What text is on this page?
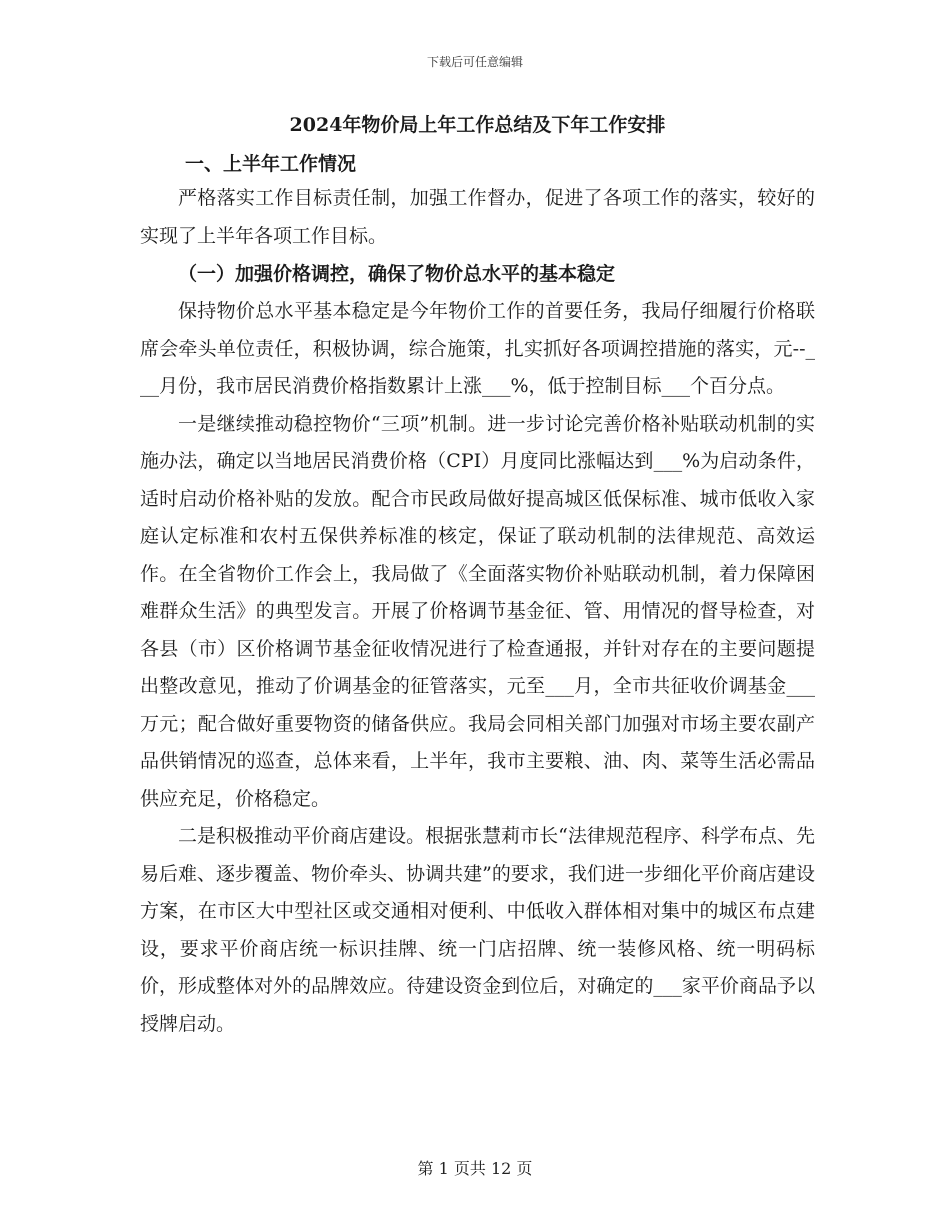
下载后可任意编辑
2024年物价局上年工作总结及下年工作安排
一、上半年工作情况

严格落实工作目标责任制，加强工作督办，促进了各项工作的落实，较好的实现了上半年各项工作目标。

（一）加强价格调控，确保了物价总水平的基本稳定

保持物价总水平基本稳定是今年物价工作的首要任务，我局仔细履行价格联席会牵头单位责任，积极协调，综合施策，扎实抓好各项调控措施的落实，元--___月份，我市居民消费价格指数累计上涨___%，低于控制目标___个百分点。

一是继续推动稳控物价“三项”机制。进一步讨论完善价格补贴联动机制的实施办法，确定以当地居民消费价格（CPI）月度同比涨幅达到___%为启动条件，适时启动价格补贴的发放。配合市民政局做好提高城区低保标准、城市低收入家庭认定标准和农村五保供养标准的核定，保证了联动机制的法律规范、高效运作。在全省物价工作会上，我局做了《全面落实物价补贴联动机制，着力保障困难群众生活》的典型发言。开展了价格调节基金征、管、用情况的督导检查，对各县（市）区价格调节基金征收情况进行了检查通报，并针对存在的主要问题提出整改意见，推动了价调基金的征管落实，元至___月，全市共征收价调基金___万元；配合做好重要物资的储备供应。我局会同相关部门加强对市场主要农副产品供销情况的巡查，总体来看，上半年，我市主要粮、油、肉、菜等生活必需品供应充足，价格稳定。

二是积极推动平价商店建设。根据张慧莉市长“法律规范程序、科学布点、先易后难、逐步覆盖、物价牵头、协调共建”的要求，我们进一步细化平价商店建设方案，在市区大中型社区或交通相对便利、中低收入群体相对集中的城区布点建设，要求平价商店统一标识挂牌、统一门店招牌、统一装修风格、统一明码标价，形成整体对外的品牌效应。待建设资金到位后，对确定的___家平价商品予以授牌启动。

第 1 页共 12 页
